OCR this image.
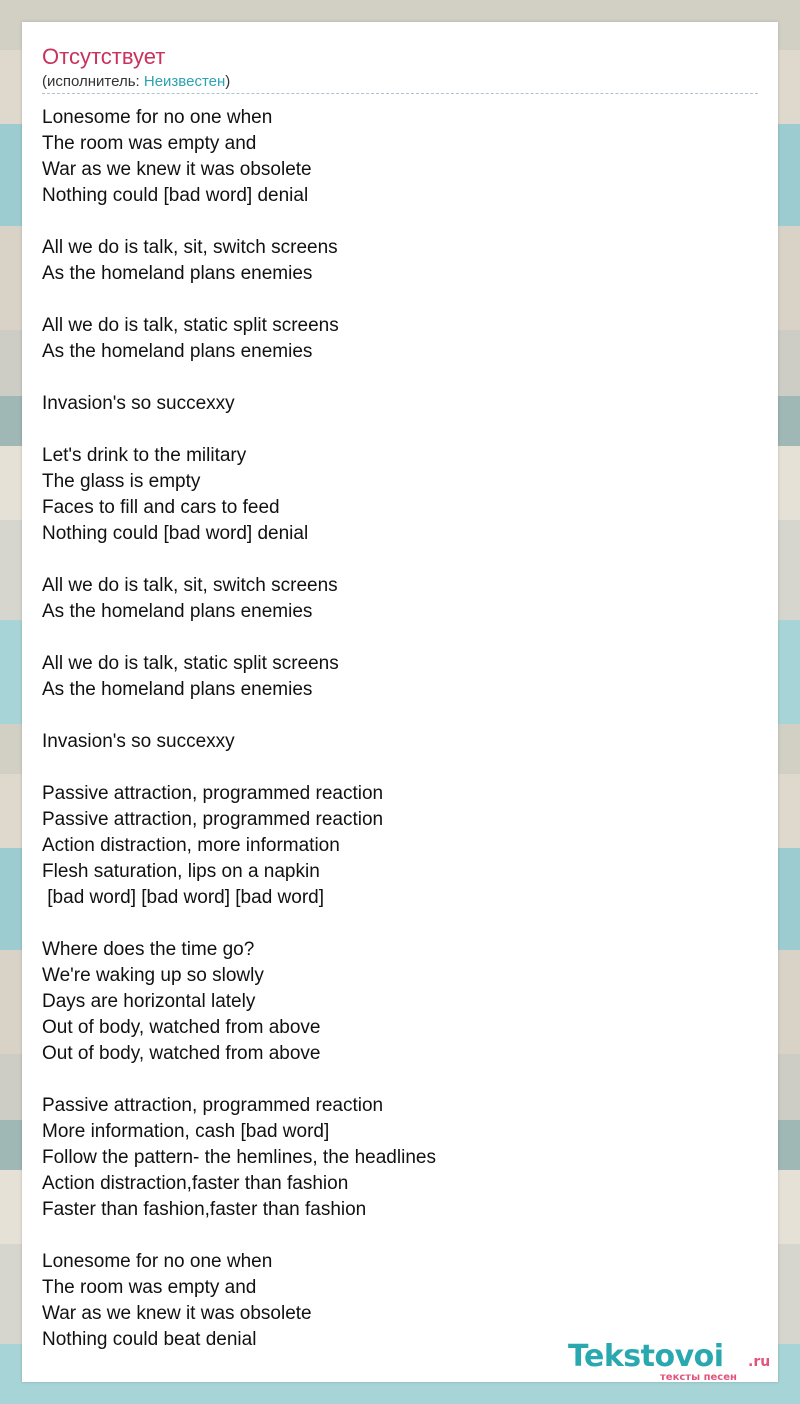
Отсутствует
(исполнитель: Неизвестен)
Lonesome for no one when
The room was empty and
War as we knew it was obsolete
Nothing could [bad word] denial
All we do is talk, sit, switch screens
As the homeland plans enemies
All we do is talk, static split screens
As the homeland plans enemies
Invasion's so succexxy
Let's drink to the military
The glass is empty
Faces to fill and cars to feed
Nothing could [bad word] denial
All we do is talk, sit, switch screens
As the homeland plans enemies
All we do is talk, static split screens
As the homeland plans enemies
Invasion's so succexxy
Passive attraction, programmed reaction
Passive attraction, programmed reaction
Action distraction, more information
Flesh saturation, lips on a napkin
[bad word] [bad word] [bad word]
Where does the time go?
We're waking up so slowly
Days are horizontal lately
Out of body, watched from above
Out of body, watched from above
Passive attraction, programmed reaction
More information, cash [bad word]
Follow the pattern- the hemlines, the headlines
Action distraction,faster than fashion
Faster than fashion,faster than fashion
Lonesome for no one when
The room was empty and
War as we knew it was obsolete
Nothing could beat denial	Tekstovoi .ru
тексты песен
